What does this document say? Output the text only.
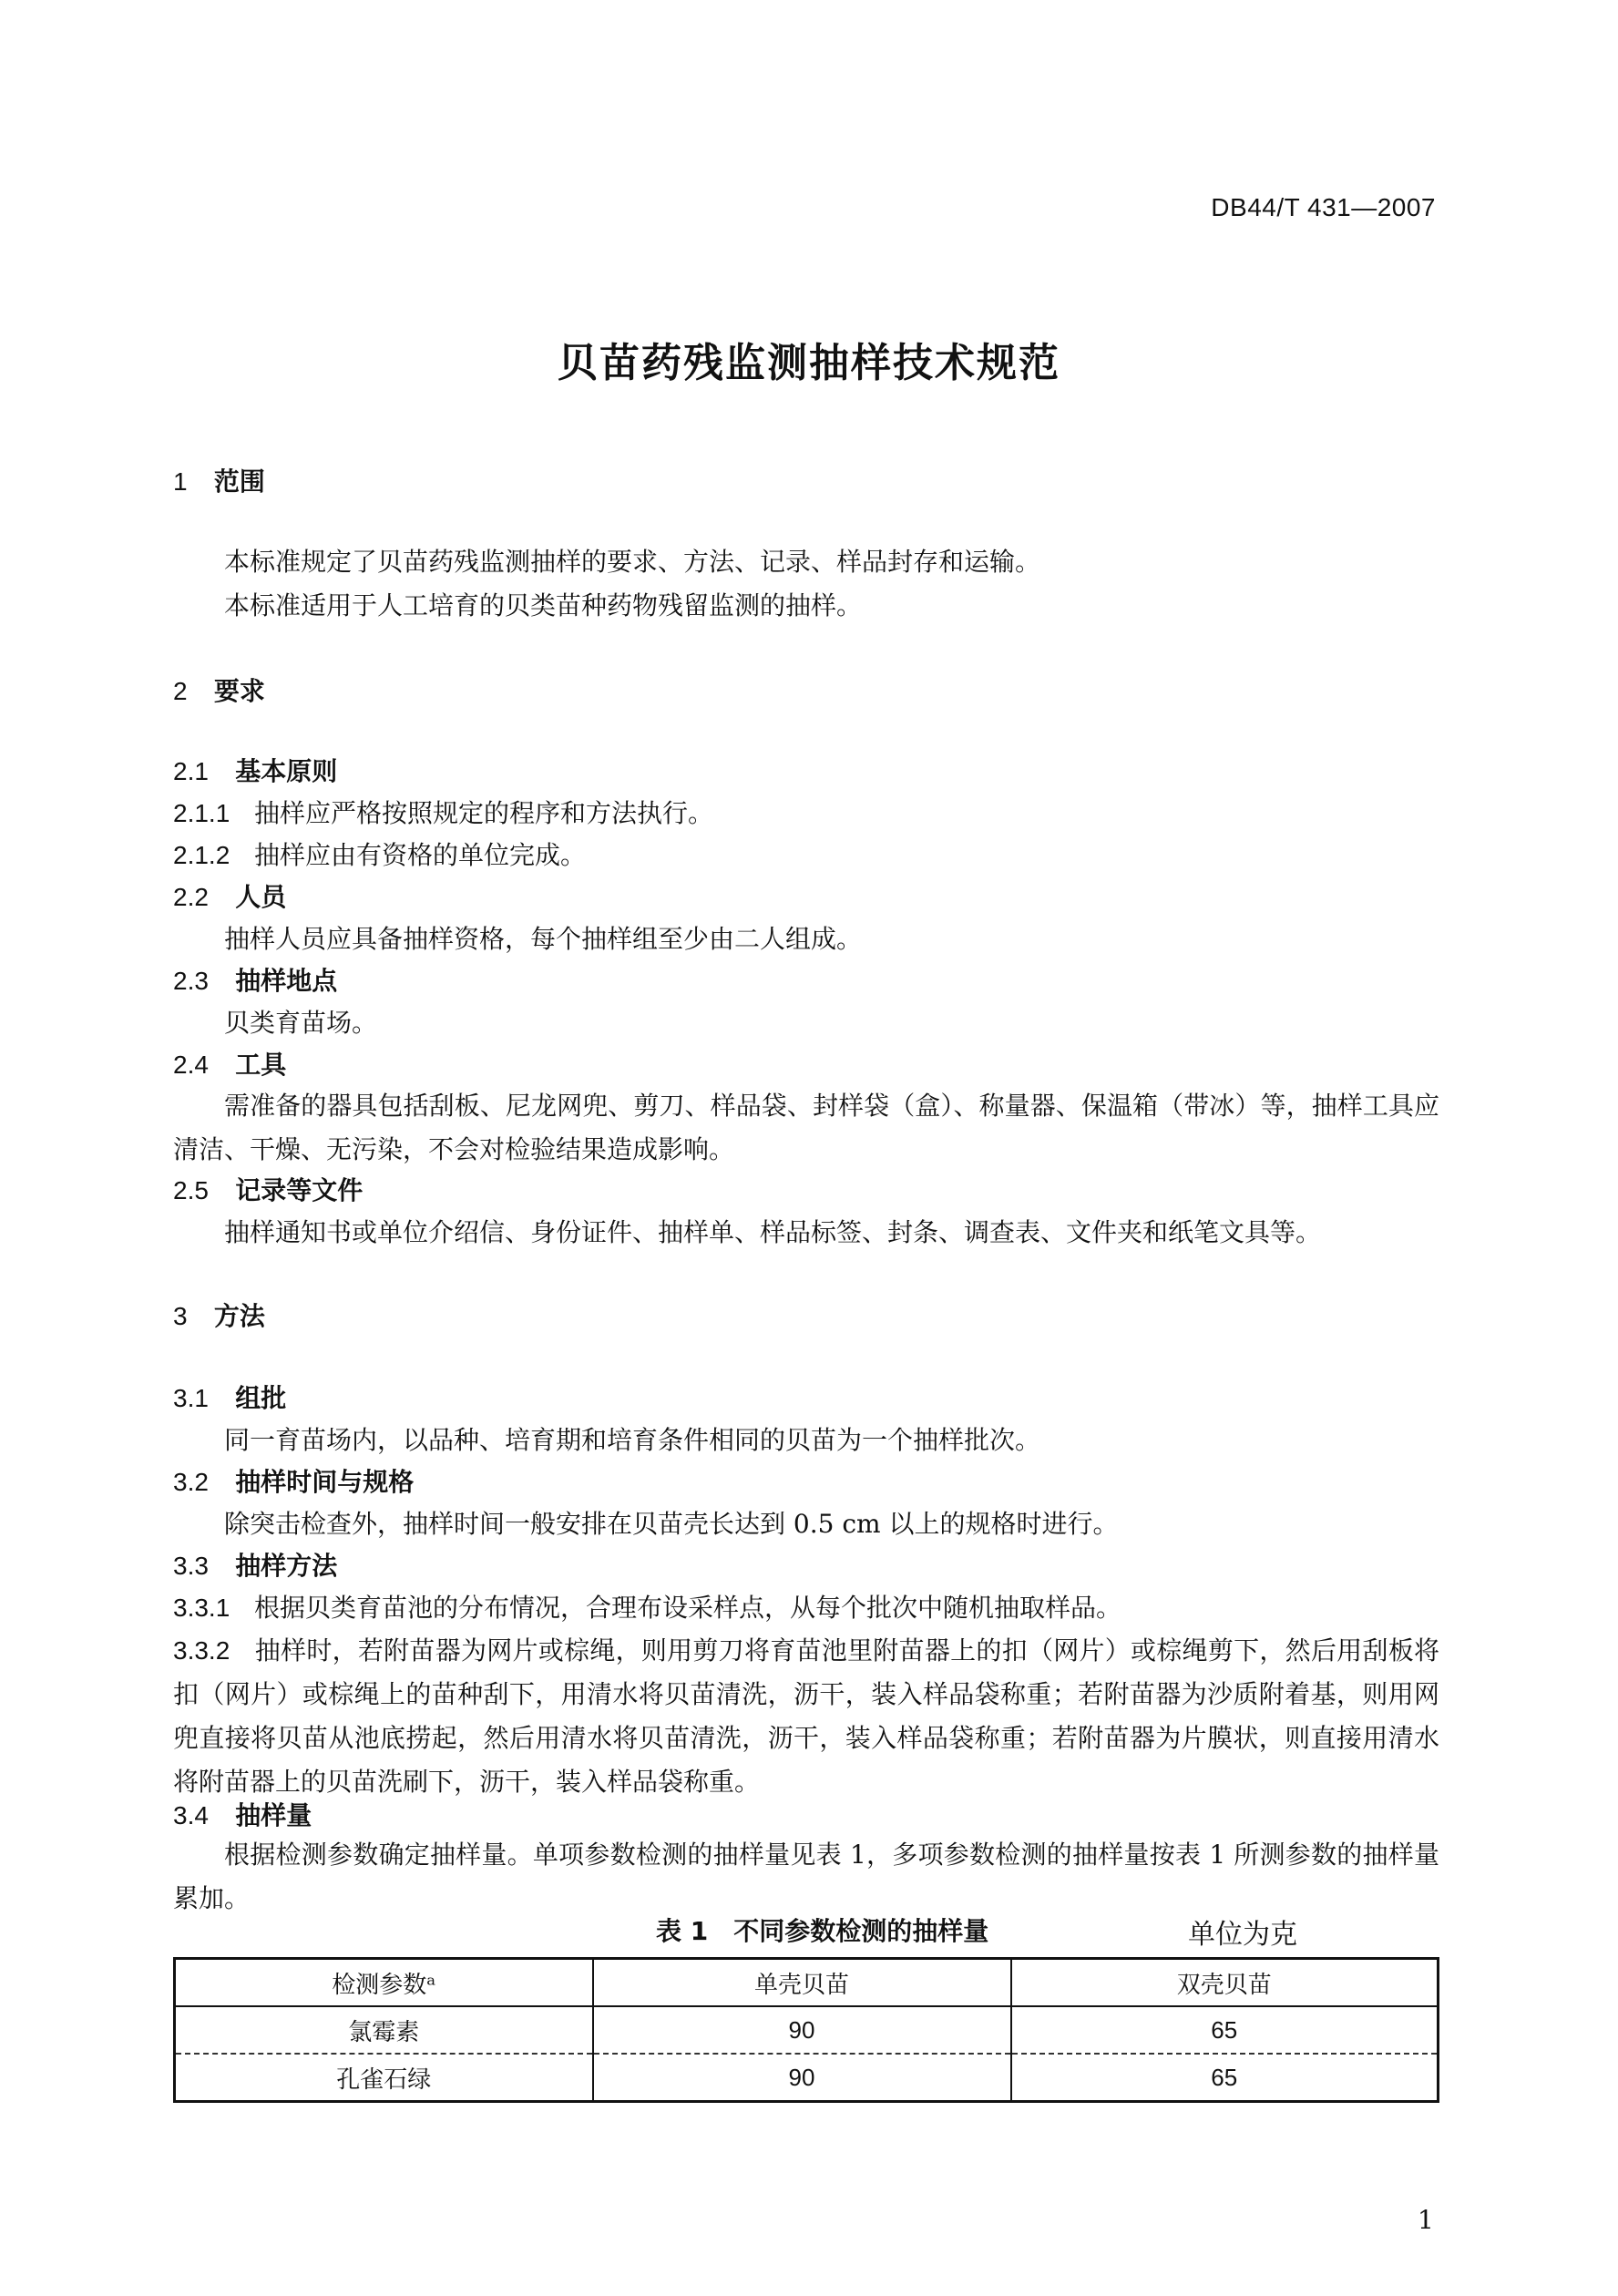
DB44/T 431—2007
贝苗药残监测抽样技术规范
1 范围
本标准规定了贝苗药残监测抽样的要求、方法、记录、样品封存和运输。
本标准适用于人工培育的贝类苗种药物残留监测的抽样。
2 要求
2.1 基本原则
2.1.1 抽样应严格按照规定的程序和方法执行。
2.1.2 抽样应由有资格的单位完成。
2.2 人员
抽样人员应具备抽样资格，每个抽样组至少由二人组成。
2.3 抽样地点
贝类育苗场。
2.4 工具
需准备的器具包括刮板、尼龙网兜、剪刀、样品袋、封样袋（盒）、称量器、保温箱（带冰）等，抽样工具应清洁、干燥、无污染，不会对检验结果造成影响。
2.5 记录等文件
抽样通知书或单位介绍信、身份证件、抽样单、样品标签、封条、调查表、文件夹和纸笔文具等。
3 方法
3.1 组批
同一育苗场内，以品种、培育期和培育条件相同的贝苗为一个抽样批次。
3.2 抽样时间与规格
除突击检查外，抽样时间一般安排在贝苗壳长达到 0.5 cm 以上的规格时进行。
3.3 抽样方法
3.3.1 根据贝类育苗池的分布情况，合理布设采样点，从每个批次中随机抽取样品。
3.3.2 抽样时，若附苗器为网片或棕绳，则用剪刀将育苗池里附苗器上的扣（网片）或棕绳剪下，然后用刮板将扣（网片）或棕绳上的苗种刮下，用清水将贝苗清洗，沥干，装入样品袋称重；若附苗器为沙质附着基，则用网兜直接将贝苗从池底捞起，然后用清水将贝苗清洗，沥干，装入样品袋称重；若附苗器为片膜状，则直接用清水将附苗器上的贝苗洗刷下，沥干，装入样品袋称重。
3.4 抽样量
根据检测参数确定抽样量。单项参数检测的抽样量见表 1，多项参数检测的抽样量按表 1 所测参数的抽样量累加。
表 1　不同参数检测的抽样量	单位为克
检测参数ᵃ	单壳贝苗	双壳贝苗
氯霉素	90	65
孔雀石绿	90	65
1
